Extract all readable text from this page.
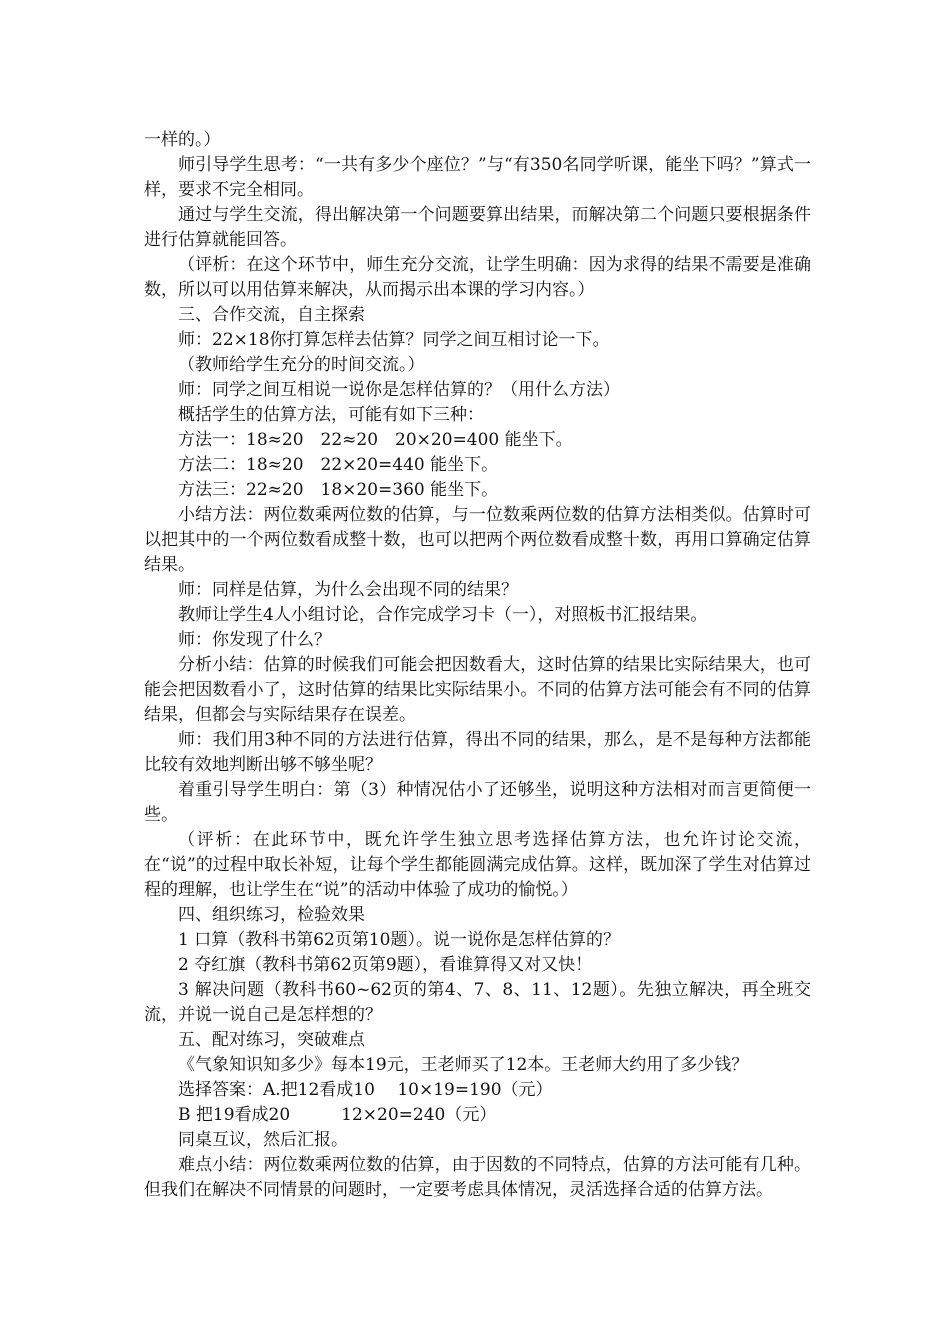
一样的。）

师引导学生思考：“一共有多少个座位？”与“有350名同学听课，能坐下吗？”算式一样，要求不完全相同。

通过与学生交流，得出解决第一个问题要算出结果，而解决第二个问题只要根据条件进行估算就能回答。

（评析：在这个环节中，师生充分交流，让学生明确：因为求得的结果不需要是准确数，所以可以用估算来解决，从而揭示出本课的学习内容。）

三、合作交流，自主探索

师：22×18你打算怎样去估算？同学之间互相讨论一下。

（教师给学生充分的时间交流。）

师：同学之间互相说一说你是怎样估算的？（用什么方法）

概括学生的估算方法，可能有如下三种：

方法一：18≈20　22≈20　20×20=400 能坐下。

方法二：18≈20　22×20=440 能坐下。

方法三：22≈20　18×20=360 能坐下。

小结方法：两位数乘两位数的估算，与一位数乘两位数的估算方法相类似。估算时可以把其中的一个两位数看成整十数，也可以把两个两位数看成整十数，再用口算确定估算结果。

师：同样是估算，为什么会出现不同的结果？

教师让学生4人小组讨论，合作完成学习卡（一），对照板书汇报结果。

师：你发现了什么？

分析小结：估算的时候我们可能会把因数看大，这时估算的结果比实际结果大，也可能会把因数看小了，这时估算的结果比实际结果小。不同的估算方法可能会有不同的估算结果，但都会与实际结果存在误差。

师：我们用3种不同的方法进行估算，得出不同的结果，那么，是不是每种方法都能比较有效地判断出够不够坐呢？

着重引导学生明白：第（3）种情况估小了还够坐，说明这种方法相对而言更简便一些。

（评析：在此环节中，既允许学生独立思考选择估算方法，也允许讨论交流，在“说”的过程中取长补短，让每个学生都能圆满完成估算。这样，既加深了学生对估算过程的理解，也让学生在“说”的活动中体验了成功的愉悦。）

四、组织练习，检验效果

1 口算（教科书第62页第10题）。说一说你是怎样估算的？

2 夺红旗（教科书第62页第9题），看谁算得又对又快！

3 解决问题（教科书60~62页的第4、7、8、11、12题）。先独立解决，再全班交流，并说一说自己是怎样想的？

五、配对练习，突破难点

《气象知识知多少》每本19元，王老师买了12本。王老师大约用了多少钱？

选择答案：A.把12看成10　 10×19=190（元）

B 把19看成20　　　12×20=240（元）

同桌互议，然后汇报。

难点小结：两位数乘两位数的估算，由于因数的不同特点，估算的方法可能有几种。但我们在解决不同情景的问题时，一定要考虑具体情况，灵活选择合适的估算方法。
